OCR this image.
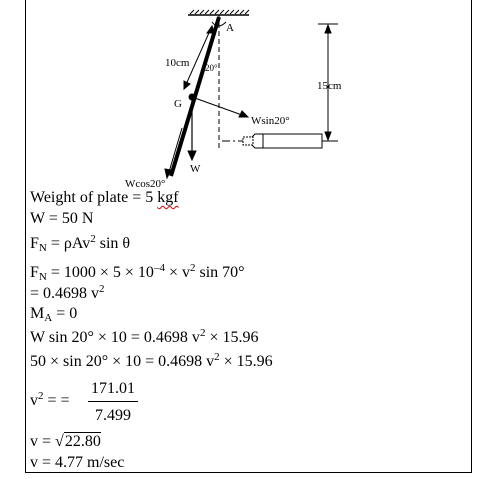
A
10cm 20°
G
W
Wsin20°
Wcos20°
15cm
Weight of plate = 5 kgf
W = 50 N
$F_N = \rho Av^2$ sin θ
$F_N = 1000 \times 5 \times 10^{-4} \times v^2$ sin 70°
= 0.4698 $v^2$
$M_A = 0$
W sin 20° × 10 = 0.4698 $v^2 \times 15.96$
50 × sin 20° × 10 = 0.4698 $v^2 \times 15.96$
$v^2$ = =
171.01
7.499
v = √22.80
v = 4.77 m/sec
